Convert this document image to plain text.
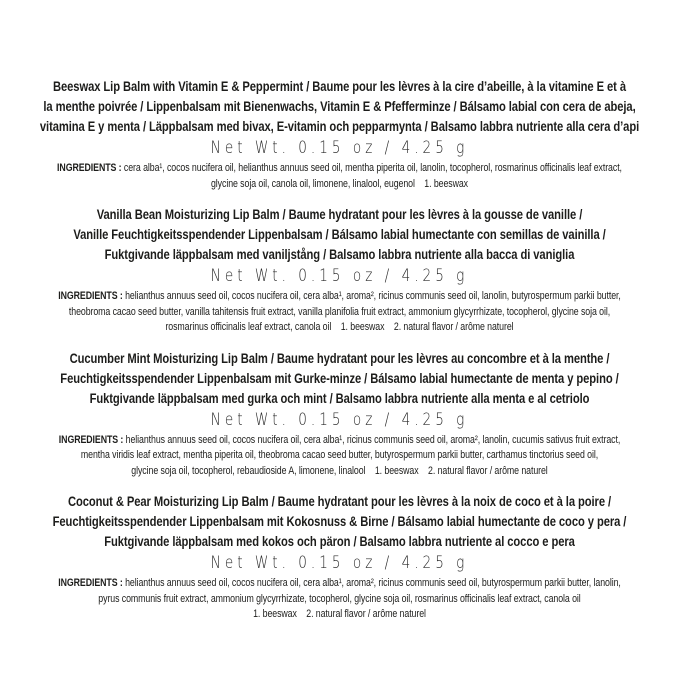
Beeswax Lip Balm with Vitamin E & Peppermint / Baume pour les lèvres à la cire d’abeille, à la vitamine E et à
la menthe poivrée / Lippenbalsam mit Bienenwachs, Vitamin E & Pfefferminze / Bálsamo labial con cera de abeja,
vitamina E y menta / Läppbalsam med bivax, E-vitamin och pepparmynta / Balsamo labbra nutriente alla cera d’api
Net Wt. 0.15 oz / 4.25 g

INGREDIENTS : cera alba¹, cocos nucifera oil, helianthus annuus seed oil, mentha piperita oil, lanolin, tocopherol, rosmarinus officinalis leaf extract,
glycine soja oil, canola oil, limonene, linalool, eugenol    1. beeswax

Vanilla Bean Moisturizing Lip Balm / Baume hydratant pour les lèvres à la gousse de vanille /
Vanille Feuchtigkeitsspendender Lippenbalsam / Bálsamo labial humectante con semillas de vainilla /
Fuktgivande läppbalsam med vaniljstång / Balsamo labbra nutriente alla bacca di vaniglia
Net Wt. 0.15 oz / 4.25 g

INGREDIENTS : helianthus annuus seed oil, cocos nucifera oil, cera alba¹, aroma², ricinus communis seed oil, lanolin, butyrospermum parkii butter,
theobroma cacao seed butter, vanilla tahitensis fruit extract, vanilla planifolia fruit extract, ammonium glycyrrhizate, tocopherol, glycine soja oil,
rosmarinus officinalis leaf extract, canola oil    1. beeswax    2. natural flavor / arôme naturel

Cucumber Mint Moisturizing Lip Balm / Baume hydratant pour les lèvres au concombre et à la menthe /
Feuchtigkeitsspendender Lippenbalsam mit Gurke-minze / Bálsamo labial humectante de menta y pepino /
Fuktgivande läppbalsam med gurka och mint / Balsamo labbra nutriente alla menta e al cetriolo
Net Wt. 0.15 oz / 4.25 g

INGREDIENTS : helianthus annuus seed oil, cocos nucifera oil, cera alba¹, ricinus communis seed oil, aroma², lanolin, cucumis sativus fruit extract,
mentha viridis leaf extract, mentha piperita oil, theobroma cacao seed butter, butyrospermum parkii butter, carthamus tinctorius seed oil,
glycine soja oil, tocopherol, rebaudioside A, limonene, linalool    1. beeswax    2. natural flavor / arôme naturel

Coconut & Pear Moisturizing Lip Balm / Baume hydratant pour les lèvres à la noix de coco et à la poire /
Feuchtigkeitsspendender Lippenbalsam mit Kokosnuss & Birne / Bálsamo labial humectante de coco y pera /
Fuktgivande läppbalsam med kokos och päron / Balsamo labbra nutriente al cocco e pera
Net Wt. 0.15 oz / 4.25 g

INGREDIENTS : helianthus annuus seed oil, cocos nucifera oil, cera alba¹, aroma², ricinus communis seed oil, butyrospermum parkii butter, lanolin,
pyrus communis fruit extract, ammonium glycyrrhizate, tocopherol, glycine soja oil, rosmarinus officinalis leaf extract, canola oil
1. beeswax    2. natural flavor / arôme naturel
